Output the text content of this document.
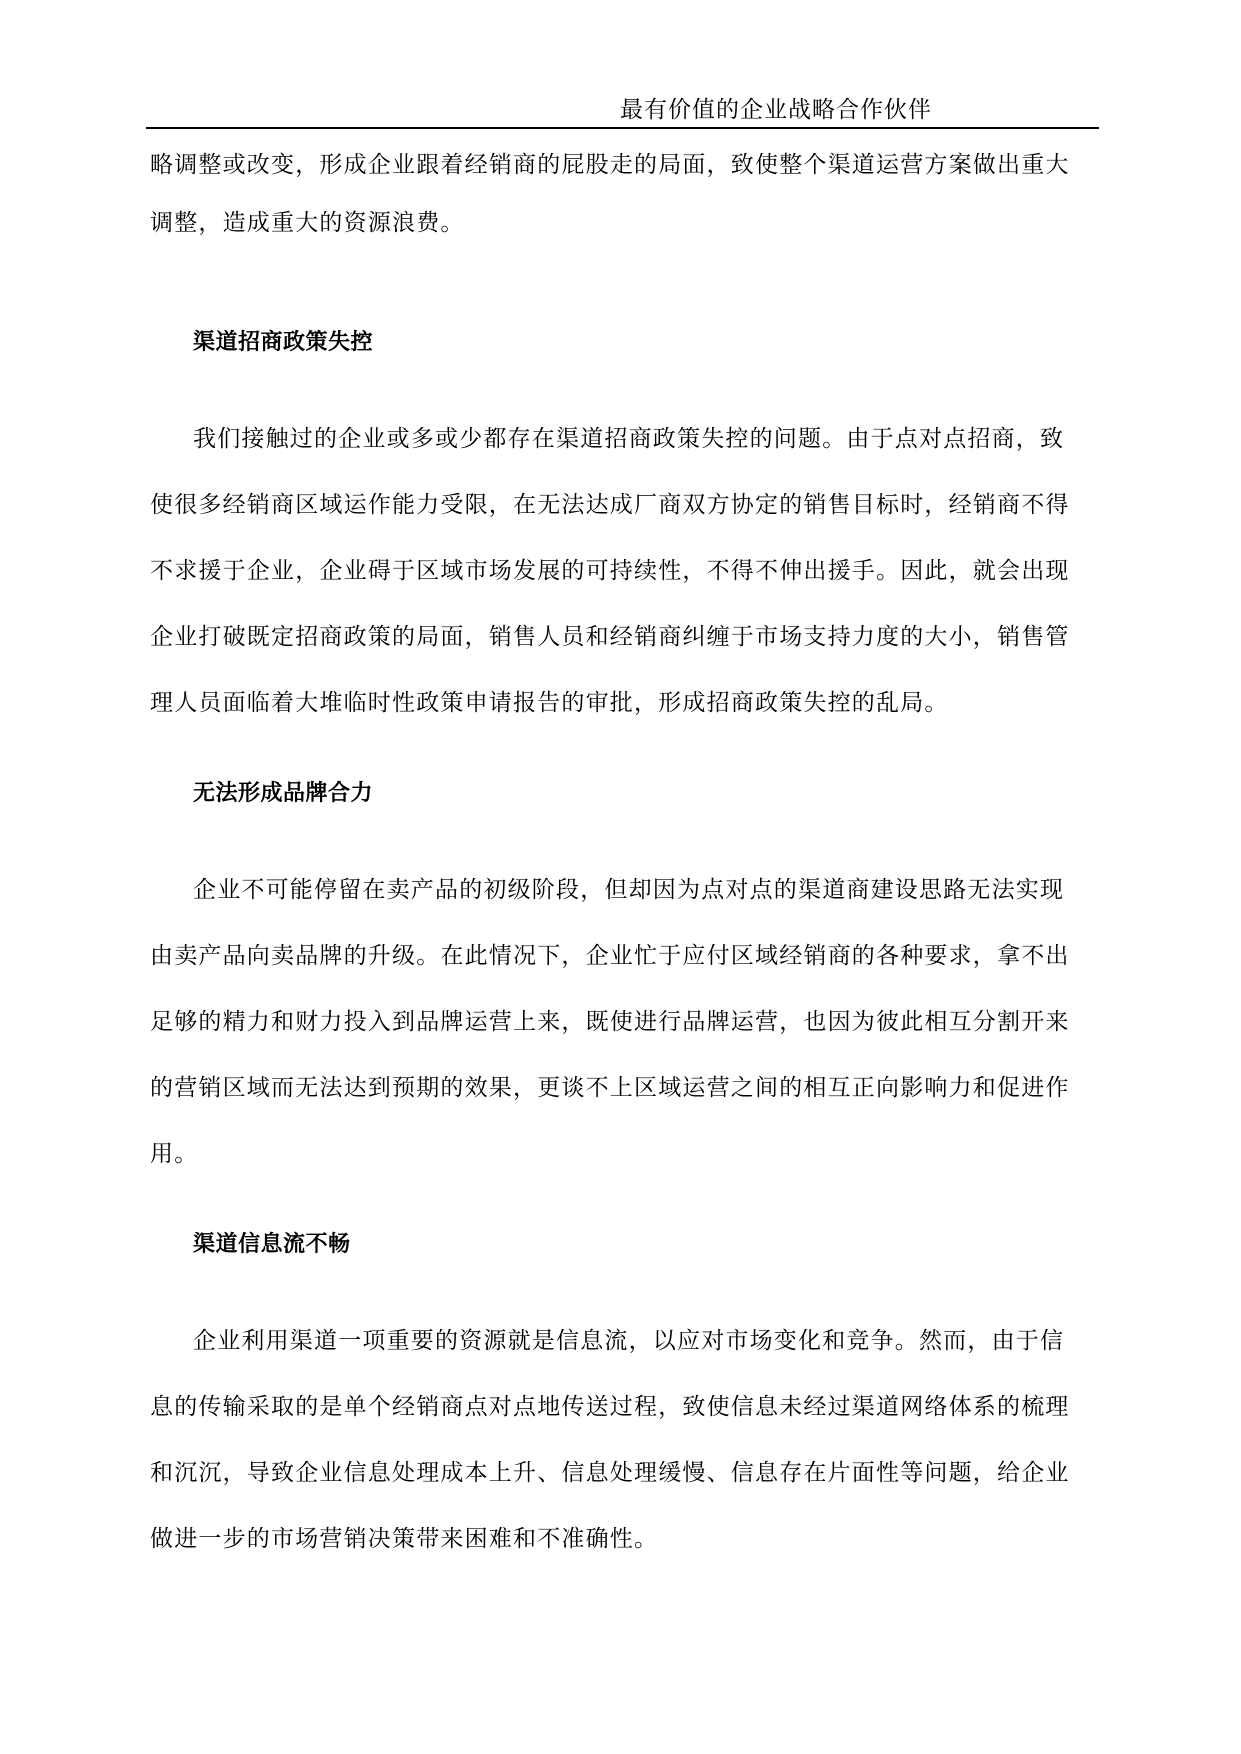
最有价值的企业战略合作伙伴
略调整或改变，形成企业跟着经销商的屁股走的局面，致使整个渠道运营方案做出重大
调整，造成重大的资源浪费。
渠道招商政策失控
我们接触过的企业或多或少都存在渠道招商政策失控的问题。由于点对点招商，致
使很多经销商区域运作能力受限，在无法达成厂商双方协定的销售目标时，经销商不得
不求援于企业，企业碍于区域市场发展的可持续性，不得不伸出援手。因此，就会出现
企业打破既定招商政策的局面，销售人员和经销商纠缠于市场支持力度的大小，销售管
理人员面临着大堆临时性政策申请报告的审批，形成招商政策失控的乱局。
无法形成品牌合力
企业不可能停留在卖产品的初级阶段，但却因为点对点的渠道商建设思路无法实现
由卖产品向卖品牌的升级。在此情况下，企业忙于应付区域经销商的各种要求，拿不出
足够的精力和财力投入到品牌运营上来，既使进行品牌运营，也因为彼此相互分割开来
的营销区域而无法达到预期的效果，更谈不上区域运营之间的相互正向影响力和促进作
用。
渠道信息流不畅
企业利用渠道一项重要的资源就是信息流，以应对市场变化和竞争。然而，由于信
息的传输采取的是单个经销商点对点地传送过程，致使信息未经过渠道网络体系的梳理
和沉沉，导致企业信息处理成本上升、信息处理缓慢、信息存在片面性等问题，给企业
做进一步的市场营销决策带来困难和不准确性。
